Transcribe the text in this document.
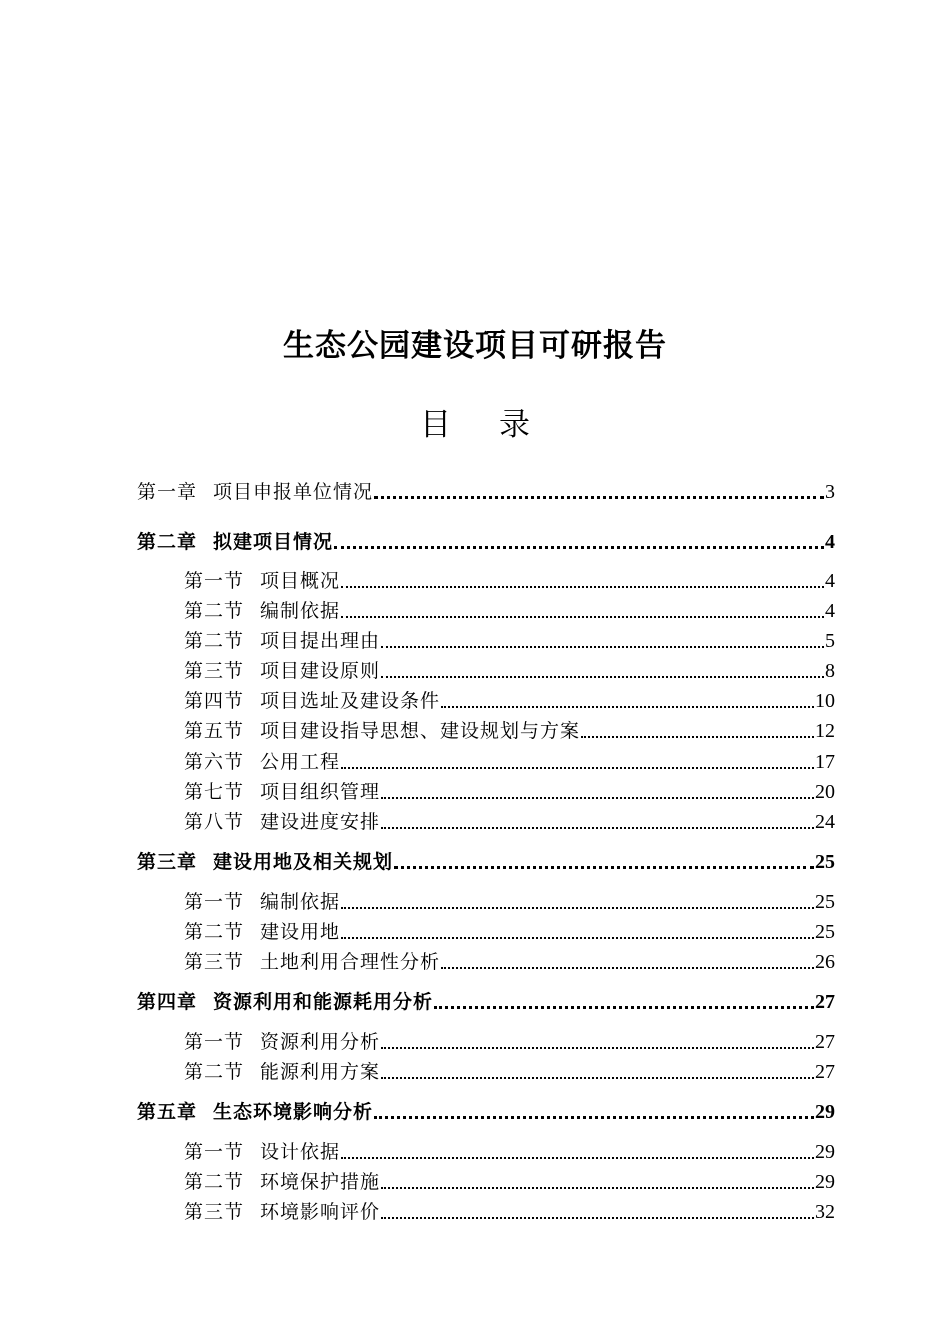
生态公园建设项目可研报告
目 录
第一章 项目申报单位情况	3
第二章 拟建项目情况	4
第一节 项目概况	4
第二节 编制依据	4
第二节 项目提出理由	5
第三节 项目建设原则	8
第四节 项目选址及建设条件	10
第五节 项目建设指导思想、建设规划与方案	12
第六节 公用工程	17
第七节 项目组织管理	20
第八节 建设进度安排	24
第三章 建设用地及相关规划	25
第一节 编制依据	25
第二节 建设用地	25
第三节 土地利用合理性分析	26
第四章 资源利用和能源耗用分析	27
第一节 资源利用分析	27
第二节 能源利用方案	27
第五章 生态环境影响分析	29
第一节 设计依据	29
第二节 环境保护措施	29
第三节 环境影响评价	32
